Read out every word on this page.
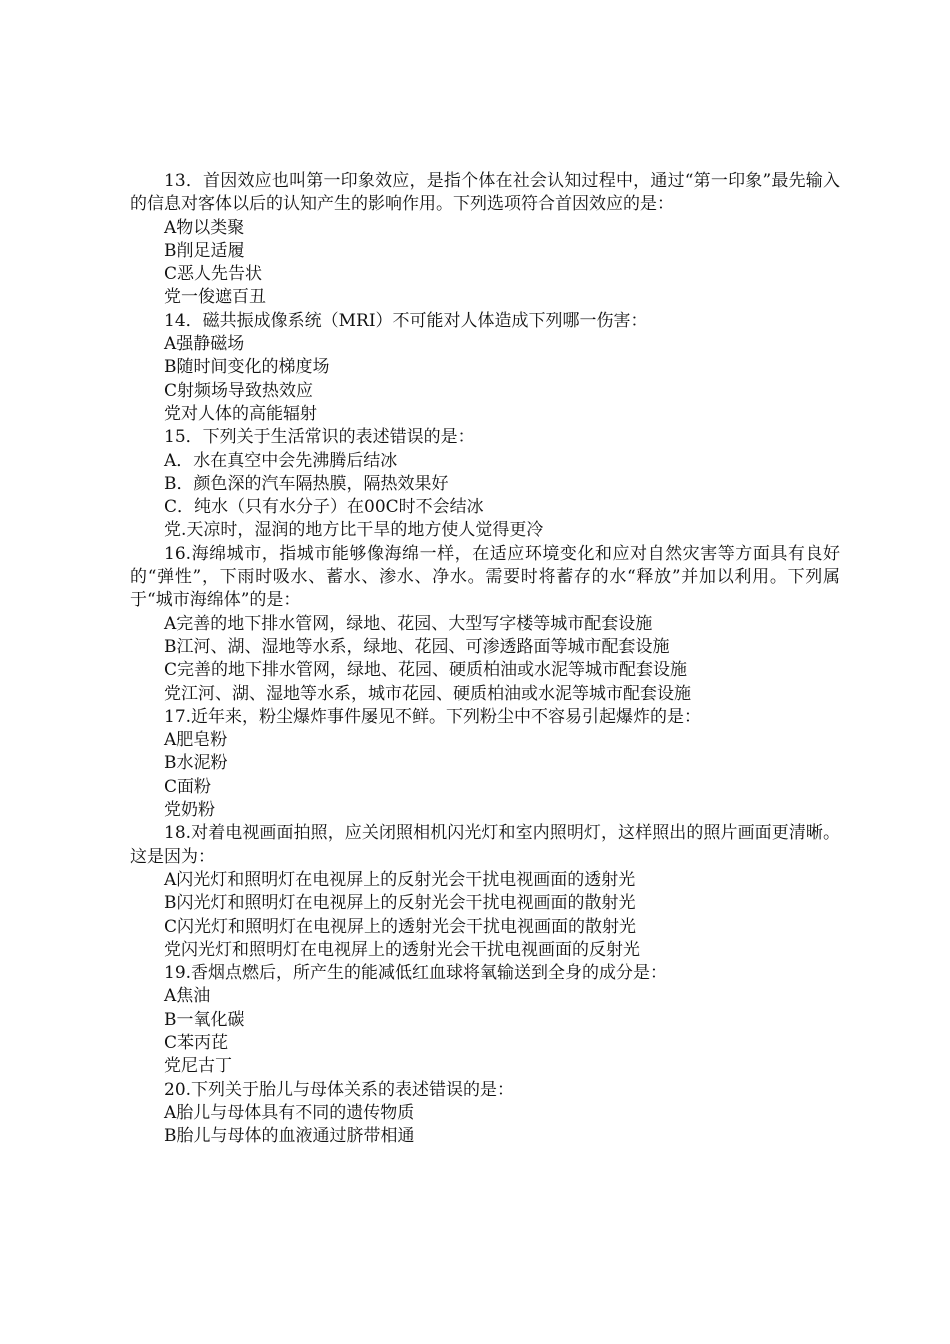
13．首因效应也叫第一印象效应，是指个体在社会认知过程中，通过“第一印象”最先输入的信息对客体以后的认知产生的影响作用。下列选项符合首因效应的是：

A物以类聚

B削足适履

C恶人先告状

党一俊遮百丑

14．磁共振成像系统（MRI）不可能对人体造成下列哪一伤害：

A强静磁场

B随时间变化的梯度场

C射频场导致热效应

党对人体的高能辐射

15．下列关于生活常识的表述错误的是：

A．水在真空中会先沸腾后结冰

B．颜色深的汽车隔热膜，隔热效果好

C．纯水（只有水分子）在00C时不会结冰

党.天凉时，湿润的地方比干旱的地方使人觉得更冷

16.海绵城市，指城市能够像海绵一样，在适应环境变化和应对自然灾害等方面具有良好的“弹性”，下雨时吸水、蓄水、渗水、净水。需要时将蓄存的水“释放”并加以利用。下列属于“城市海绵体”的是：

A完善的地下排水管网，绿地、花园、大型写字楼等城市配套设施

B江河、湖、湿地等水系，绿地、花园、可渗透路面等城市配套设施

C完善的地下排水管网，绿地、花园、硬质柏油或水泥等城市配套设施

党江河、湖、湿地等水系，城市花园、硬质柏油或水泥等城市配套设施

17.近年来，粉尘爆炸事件屡见不鲜。下列粉尘中不容易引起爆炸的是：

A肥皂粉

B水泥粉

C面粉

党奶粉

18.对着电视画面拍照，应关闭照相机闪光灯和室内照明灯，这样照出的照片画面更清晰。这是因为：

A闪光灯和照明灯在电视屏上的反射光会干扰电视画面的透射光

B闪光灯和照明灯在电视屏上的反射光会干扰电视画面的散射光

C闪光灯和照明灯在电视屏上的透射光会干扰电视画面的散射光

党闪光灯和照明灯在电视屏上的透射光会干扰电视画面的反射光

19.香烟点燃后，所产生的能减低红血球将氧输送到全身的成分是：

A焦油

B一氧化碳

C苯丙芘

党尼古丁

20.下列关于胎儿与母体关系的表述错误的是：

A胎儿与母体具有不同的遗传物质

B胎儿与母体的血液通过脐带相通
